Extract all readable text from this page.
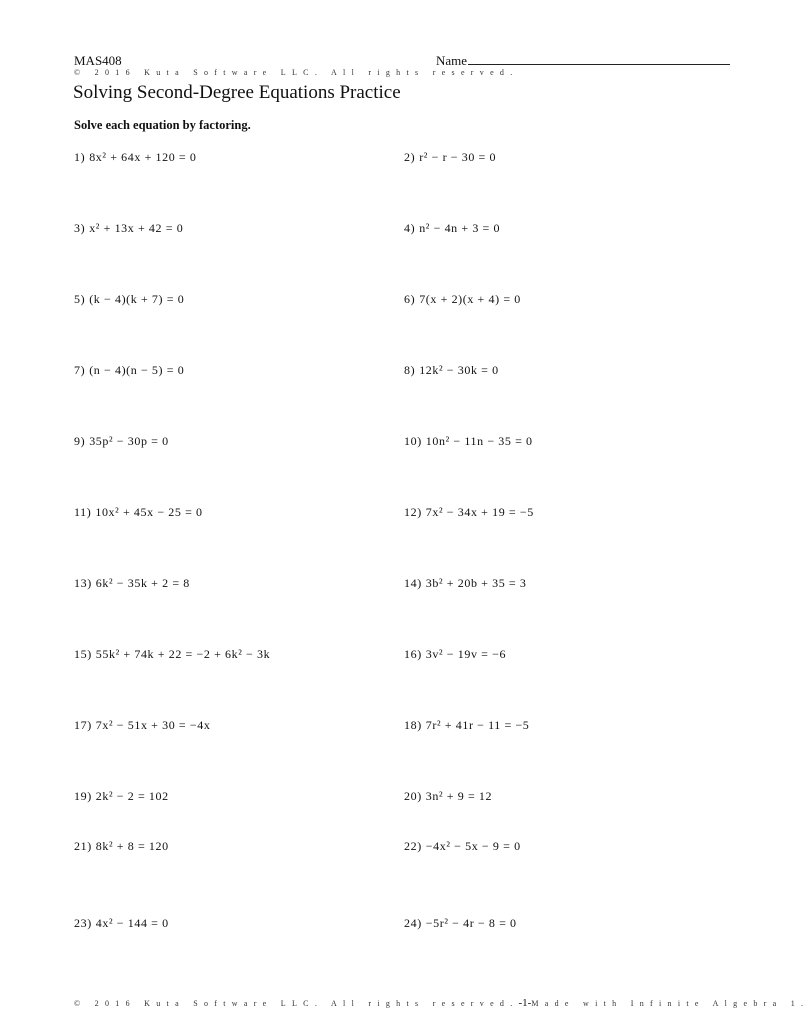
MAS408	Name
© 2016 Kuta Software LLC. All rights reserved.
Solving Second-Degree Equations Practice
Solve each equation by factoring.
1) 8x² + 64x + 120 = 0	2) r² − r − 30 = 0
3) x² + 13x + 42 = 0	4) n² − 4n + 3 = 0
5) (k − 4)(k + 7) = 0	6) 7(x + 2)(x + 4) = 0
7) (n − 4)(n − 5) = 0	8) 12k² − 30k = 0
9) 35p² − 30p = 0	10) 10n² − 11n − 35 = 0
11) 10x² + 45x − 25 = 0	12) 7x² − 34x + 19 = −5
13) 6k² − 35k + 2 = 8	14) 3b² + 20b + 35 = 3
15) 55k² + 74k + 22 = −2 + 6k² − 3k	16) 3v² − 19v = −6
17) 7x² − 51x + 30 = −4x	18) 7r² + 41r − 11 = −5
19) 2k² − 2 = 102	20) 3n² + 9 = 12
21) 8k² + 8 = 120	22) −4x² − 5x − 9 = 0
23) 4x² − 144 = 0	24) −5r² − 4r − 8 = 0
© 2016 Kuta Software LLC. All rights reserved.-1-Made with Infinite Algebra 1.
